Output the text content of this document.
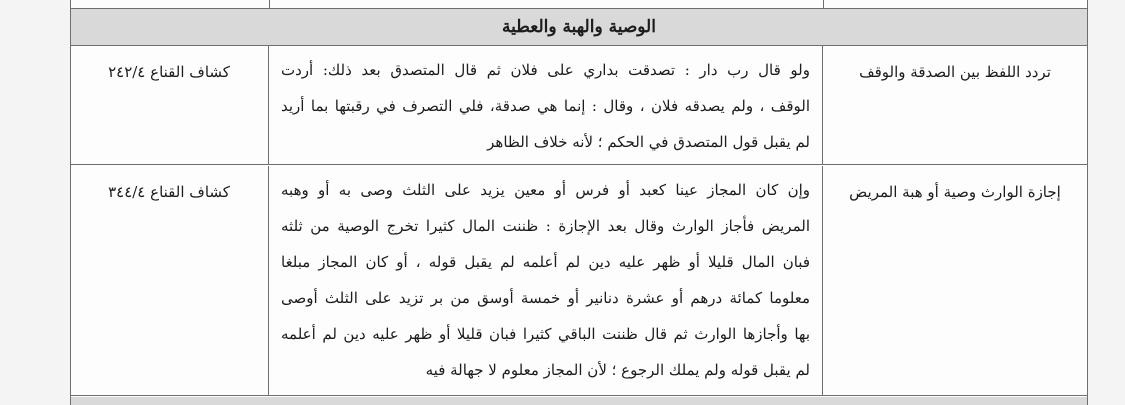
الوصية والهبة والعطية
تردد اللفظ بين الصدقة والوقف
ولو قال رب دار : تصدقت بداري على فلان ثم قال المتصدق بعد ذلك: أردت
الوقف ، ولم يصدقه فلان ، وقال : إنما هي صدقة، فلي التصرف في رقبتها بما أريد
لم يقبل قول المتصدق في الحكم ؛ لأنه خلاف الظاهر
كشاف القناع ٢٤٢/٤
إجازة الوارث وصية أو هبة المريض
وإن كان المجاز عينا كعبد أو فرس أو معين يزيد على الثلث وصى به أو وهبه
المريض فأجاز الوارث وقال بعد الإجازة : ظننت المال كثيرا تخرج الوصية من ثلثه
فبان المال قليلا أو ظهر عليه دين لم أعلمه لم يقبل قوله ، أو كان المجاز مبلغا
معلوما كمائة درهم أو عشرة دنانير أو خمسة أوسق من بر تزيد على الثلث أوصى
بها وأجازها الوارث ثم قال ظننت الباقي كثيرا فبان قليلا أو ظهر عليه دين لم أعلمه
لم يقبل قوله ولم يملك الرجوع ؛ لأن المجاز معلوم لا جهالة فيه
كشاف القناع ٣٤٤/٤
